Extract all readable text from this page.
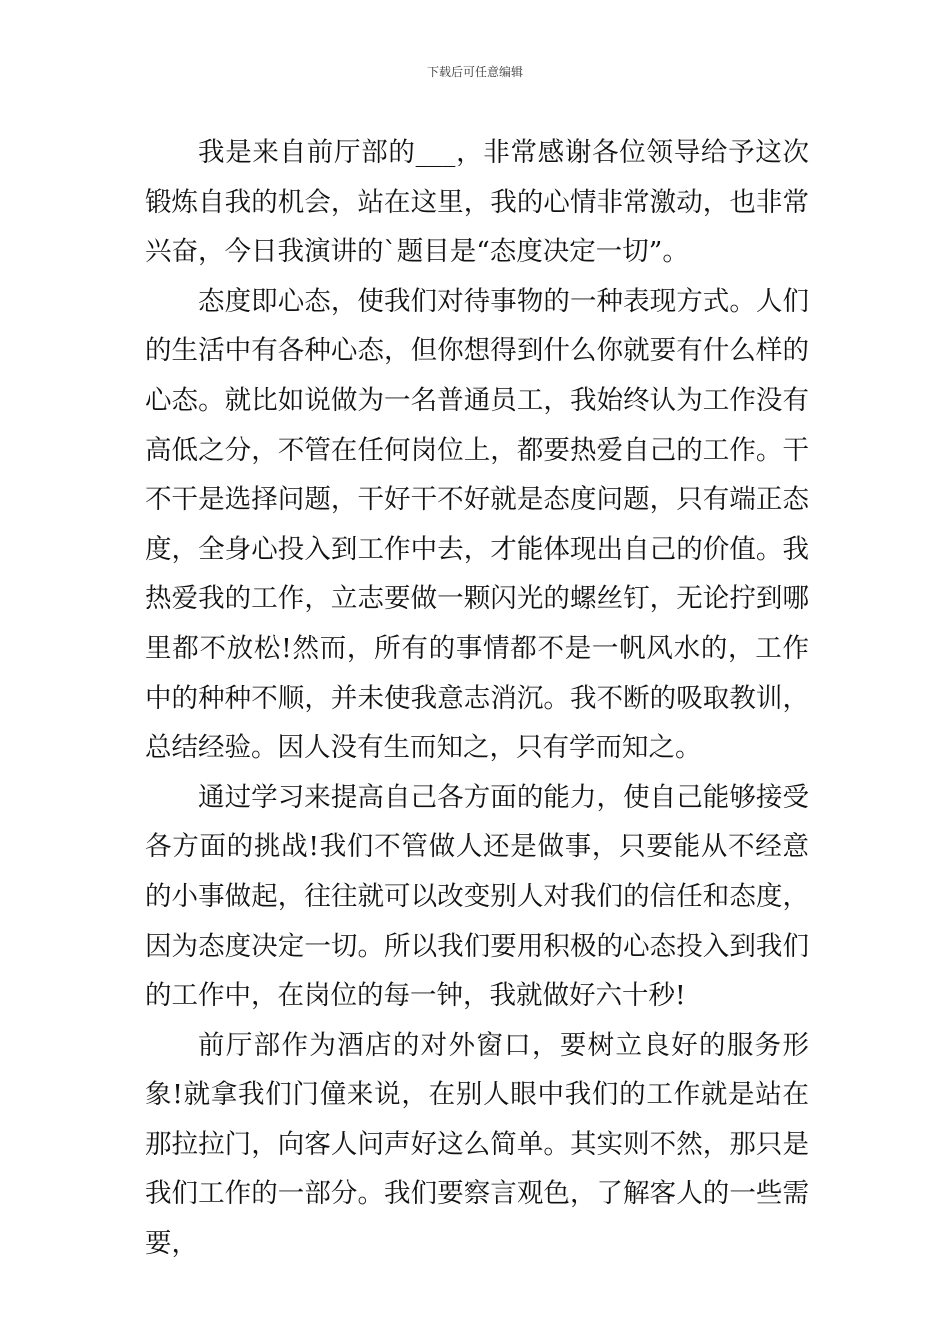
下载后可任意编辑

我是来自前厅部的___，非常感谢各位领导给予这次锻炼自我的机会，站在这里，我的心情非常激动，也非常兴奋，今日我演讲的`题目是“态度决定一切”。

态度即心态，使我们对待事物的一种表现方式。人们的生活中有各种心态，但你想得到什么你就要有什么样的心态。就比如说做为一名普通员工，我始终认为工作没有高低之分，不管在任何岗位上，都要热爱自己的工作。干不干是选择问题，干好干不好就是态度问题，只有端正态度，全身心投入到工作中去，才能体现出自己的价值。我热爱我的工作，立志要做一颗闪光的螺丝钉，无论拧到哪里都不放松!然而，所有的事情都不是一帆风水的，工作中的种种不顺，并未使我意志消沉。我不断的吸取教训，总结经验。因人没有生而知之，只有学而知之。

通过学习来提高自己各方面的能力，使自己能够接受各方面的挑战!我们不管做人还是做事，只要能从不经意的小事做起，往往就可以改变别人对我们的信任和态度，因为态度决定一切。所以我们要用积极的心态投入到我们的工作中，在岗位的每一钟，我就做好六十秒!

前厅部作为酒店的对外窗口，要树立良好的服务形象!就拿我们门僮来说，在别人眼中我们的工作就是站在那拉拉门，向客人问声好这么简单。其实则不然，那只是我们工作的一部分。我们要察言观色，了解客人的一些需要，
